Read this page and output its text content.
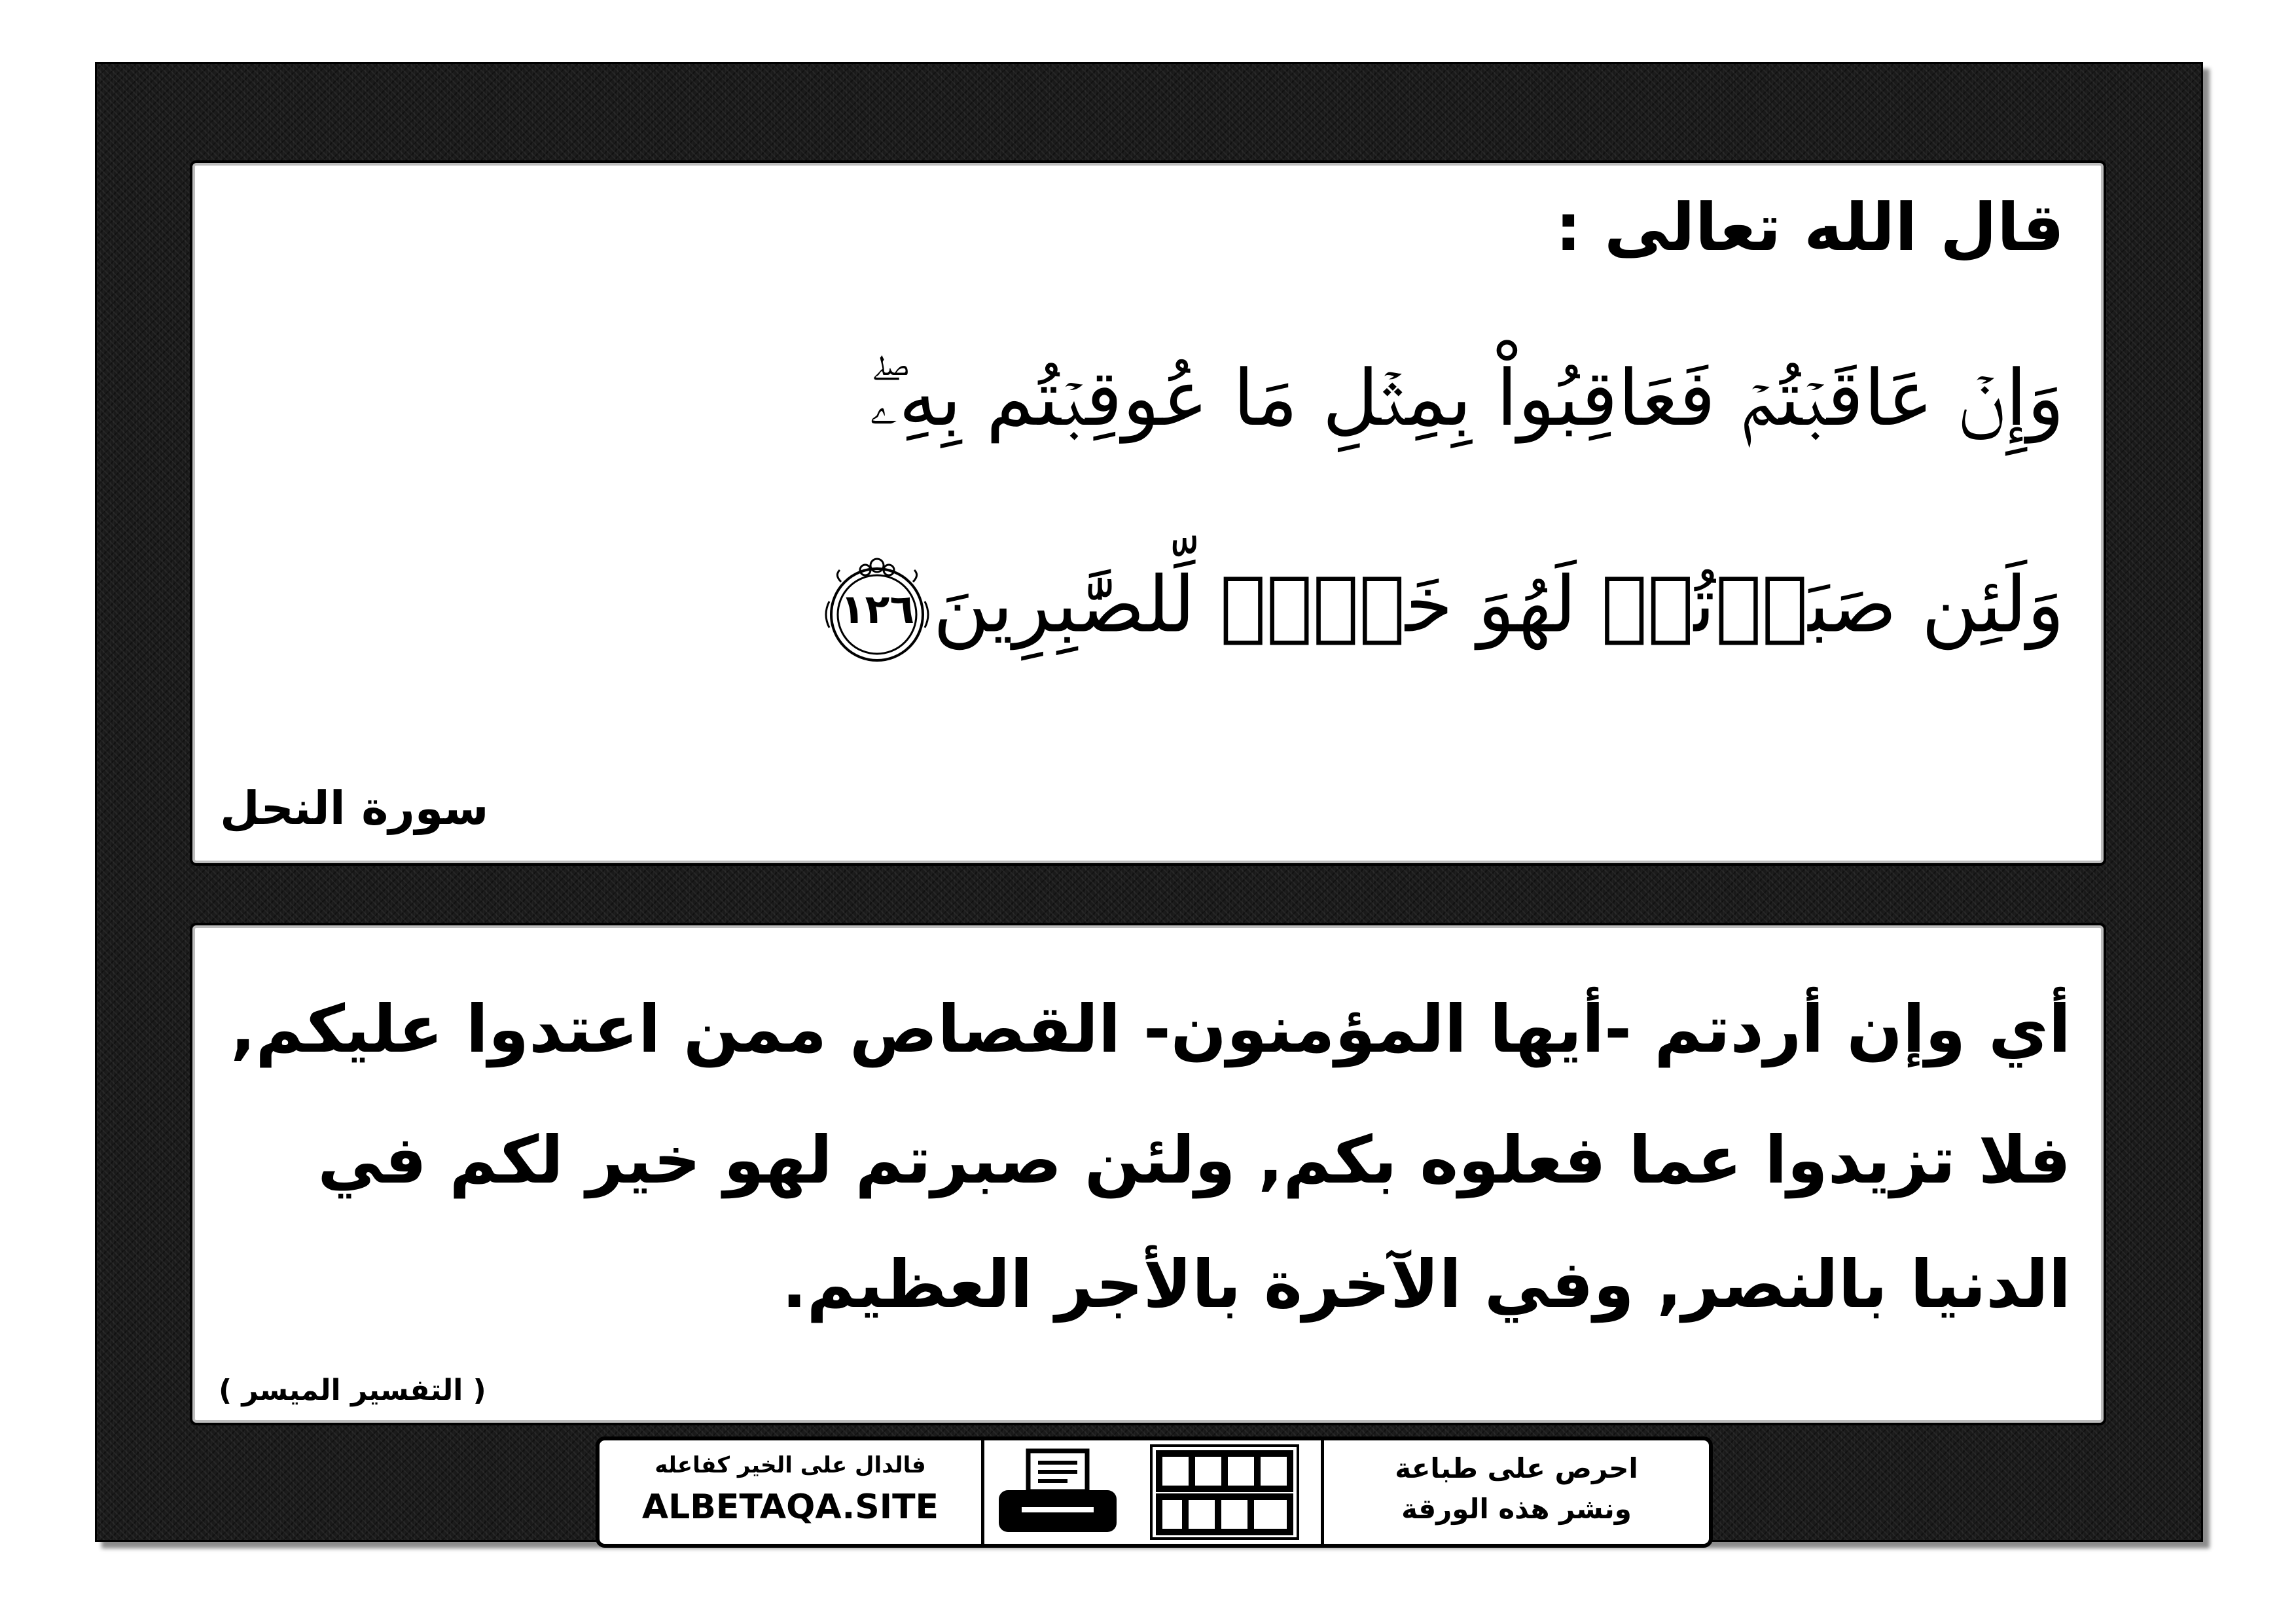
قال الله تعالى :
وَإِنۡ عَاقَبۡتُمۡ فَعَاقِبُواْ بِمِثۡلِ مَا عُوقِبۡتُم بِهِۦۖ
وَلَئِن صَبَرۡتُمۡ لَهُوَ خَيۡرٞ لِّلصَّٰبِرِينَ
١٢٦
سورة النحل
أي وإن أردتم -أيها المؤمنون- القصاص ممن اعتدوا عليكم,
فلا تزيدوا عما فعلوه بكم, ولئن صبرتم لهو خير لكم في
الدنيا بالنصر, وفي الآخرة بالأجر العظيم.
( التفسير الميسر )
فالدال على الخير كفاعله
ALBETAQA.SITE
احرص على طباعة
ونشر هذه الورقة
